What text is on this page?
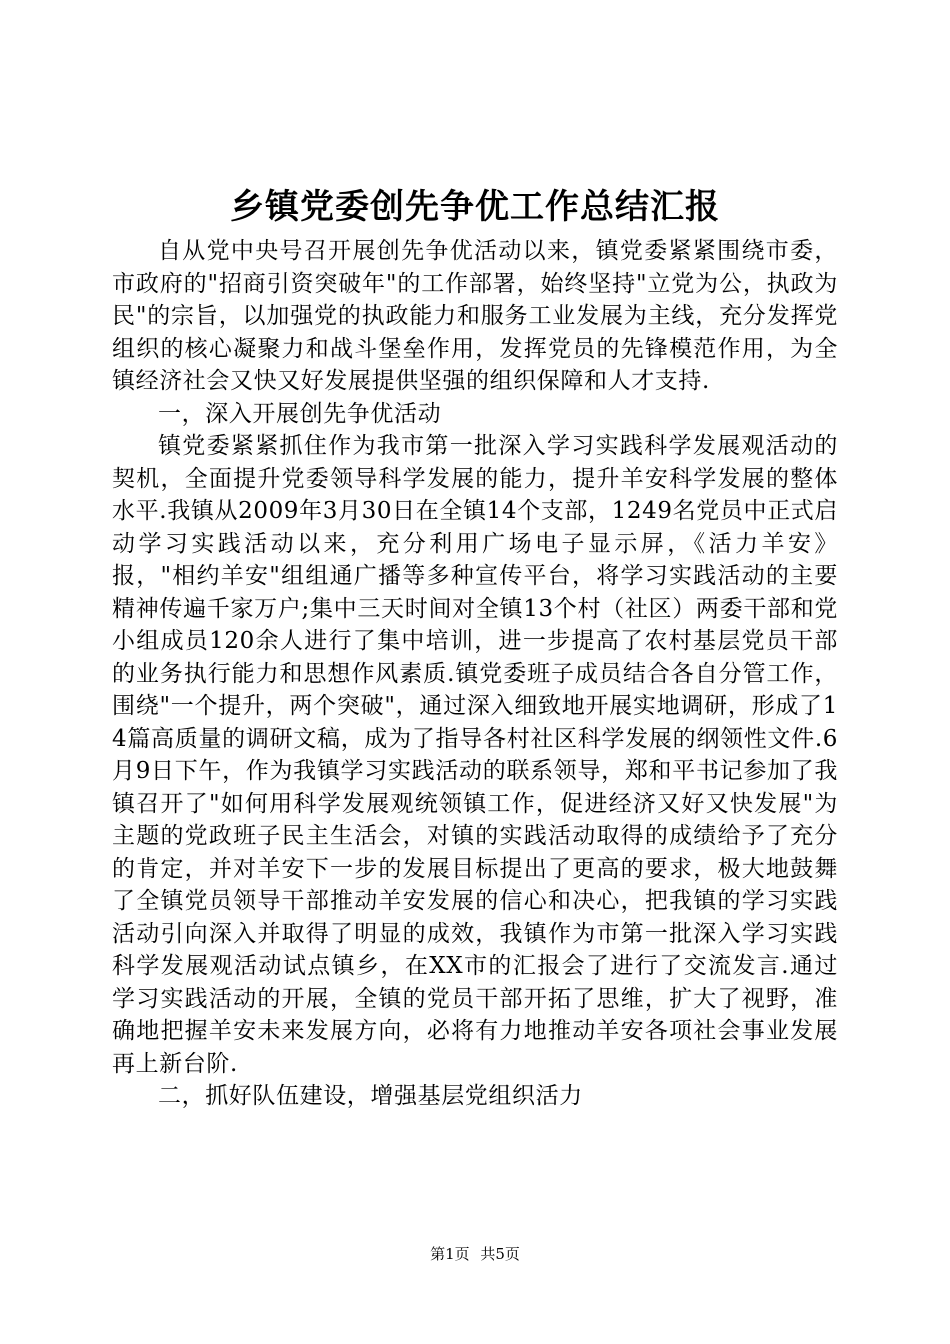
乡镇党委创先争优工作总结汇报

自从党中央号召开展创先争优活动以来，镇党委紧紧围绕市委，市政府的"招商引资突破年"的工作部署，始终坚持"立党为公，执政为民"的宗旨，以加强党的执政能力和服务工业发展为主线，充分发挥党组织的核心凝聚力和战斗堡垒作用，发挥党员的先锋模范作用，为全镇经济社会又快又好发展提供坚强的组织保障和人才支持.

一，深入开展创先争优活动

镇党委紧紧抓住作为我市第一批深入学习实践科学发展观活动的契机，全面提升党委领导科学发展的能力，提升羊安科学发展的整体水平.我镇从2009年3月30日在全镇14个支部，1249名党员中正式启动学习实践活动以来，充分利用广场电子显示屏，《活力羊安》报，"相约羊安"组组通广播等多种宣传平台，将学习实践活动的主要精神传遍千家万户;集中三天时间对全镇13个村（社区）两委干部和党小组成员120余人进行了集中培训，进一步提高了农村基层党员干部的业务执行能力和思想作风素质.镇党委班子成员结合各自分管工作，围绕"一个提升，两个突破"，通过深入细致地开展实地调研，形成了14篇高质量的调研文稿，成为了指导各村社区科学发展的纲领性文件.6月9日下午，作为我镇学习实践活动的联系领导，郑和平书记参加了我镇召开了"如何用科学发展观统领镇工作，促进经济又好又快发展"为主题的党政班子民主生活会，对镇的实践活动取得的成绩给予了充分的肯定，并对羊安下一步的发展目标提出了更高的要求，极大地鼓舞了全镇党员领导干部推动羊安发展的信心和决心，把我镇的学习实践活动引向深入并取得了明显的成效，我镇作为市第一批深入学习实践科学发展观活动试点镇乡，在XX市的汇报会了进行了交流发言.通过学习实践活动的开展，全镇的党员干部开拓了思维，扩大了视野，准确地把握羊安未来发展方向，必将有力地推动羊安各项社会事业发展再上新台阶.

二，抓好队伍建设，增强基层党组织活力

第1页 共5页
